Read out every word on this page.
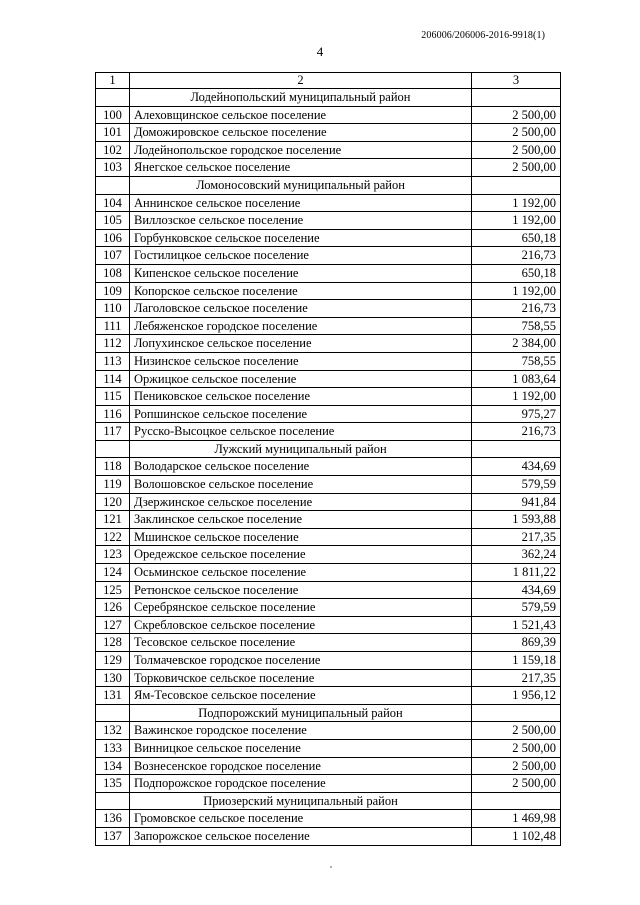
206006/206006-2016-9918(1)
4
1	2	3
	Лодейнопольский муниципальный район	
100	Алеховщинское сельское поселение	2 500,00
101	Доможировское сельское поселение	2 500,00
102	Лодейнопольское городское поселение	2 500,00
103	Янегское сельское поселение	2 500,00
	Ломоносовский муниципальный район	
104	Аннинское сельское поселение	1 192,00
105	Виллозское сельское поселение	1 192,00
106	Горбунковское сельское поселение	650,18
107	Гостилицкое сельское поселение	216,73
108	Кипенское сельское поселение	650,18
109	Копорское сельское поселение	1 192,00
110	Лаголовское сельское поселение	216,73
111	Лебяженское городское поселение	758,55
112	Лопухинское сельское поселение	2 384,00
113	Низинское сельское поселение	758,55
114	Оржицкое сельское поселение	1 083,64
115	Пениковское сельское поселение	1 192,00
116	Ропшинское сельское поселение	975,27
117	Русско-Высоцкое сельское поселение	216,73
	Лужский муниципальный район	
118	Володарское сельское поселение	434,69
119	Волошовское сельское поселение	579,59
120	Дзержинское сельское поселение	941,84
121	Заклинское сельское поселение	1 593,88
122	Мшинское сельское поселение	217,35
123	Оредежское сельское поселение	362,24
124	Осьминское сельское поселение	1 811,22
125	Ретюнское сельское поселение	434,69
126	Серебрянское сельское поселение	579,59
127	Скребловское сельское поселение	1 521,43
128	Тесовское сельское поселение	869,39
129	Толмачевское городское поселение	1 159,18
130	Торковичское сельское поселение	217,35
131	Ям-Тесовское сельское поселение	1 956,12
	Подпорожский муниципальный район	
132	Важинское городское поселение	2 500,00
133	Винницкое сельское поселение	2 500,00
134	Вознесенское городское поселение	2 500,00
135	Подпорожское городское поселение	2 500,00
	Приозерский муниципальный район	
136	Громовское сельское поселение	1 469,98
137	Запорожское сельское поселение	1 102,48
